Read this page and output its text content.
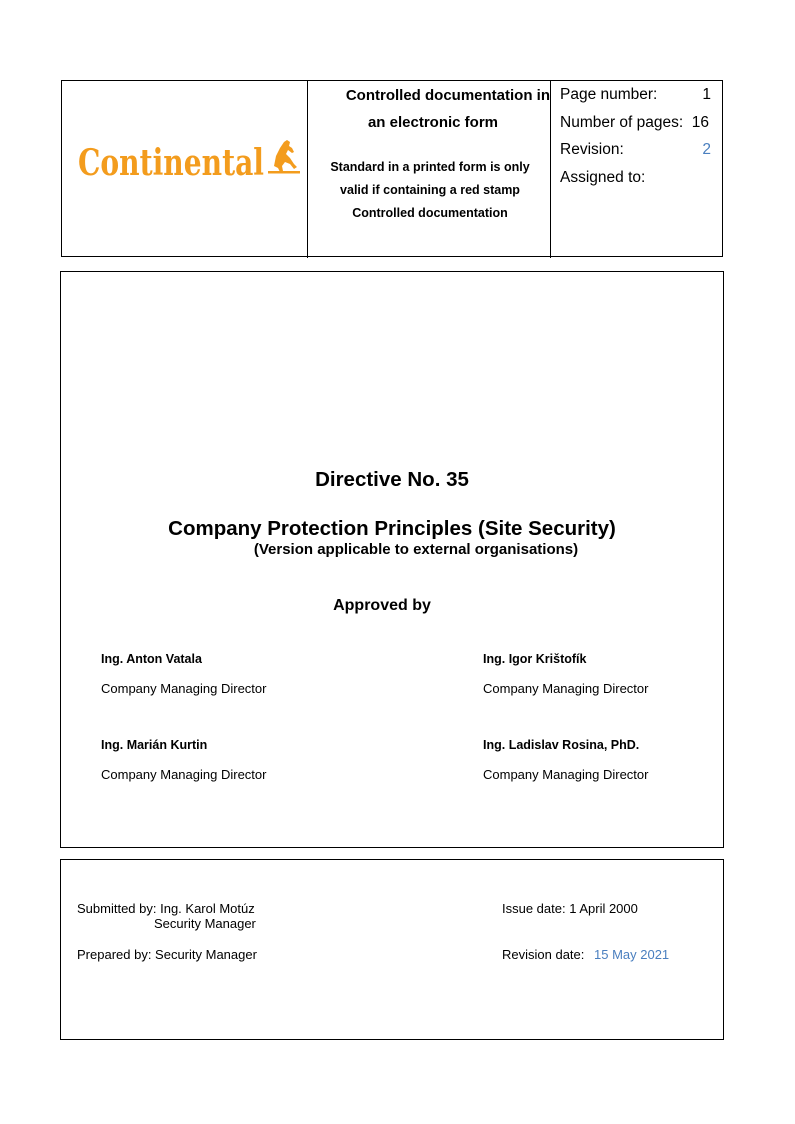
Continental
Controlled documentation in
an electronic form
Standard in a printed form is only
valid if containing a red stamp
Controlled documentation
Page number:	1
Number of pages: 16
Revision:	2
Assigned to:
Directive No. 35
Company Protection Principles (Site Security)
(Version applicable to external organisations)
Approved by
Ing. Anton Vatala
Company Managing Director
Ing. Igor Krištofík
Company Managing Director
Ing. Marián Kurtin
Company Managing Director
Ing. Ladislav Rosina, PhD.
Company Managing Director
Submitted by: Ing. Karol Motúz
Security Manager
Prepared by: Security Manager
Issue date: 1 April 2000
Revision date: 15 May 2021
